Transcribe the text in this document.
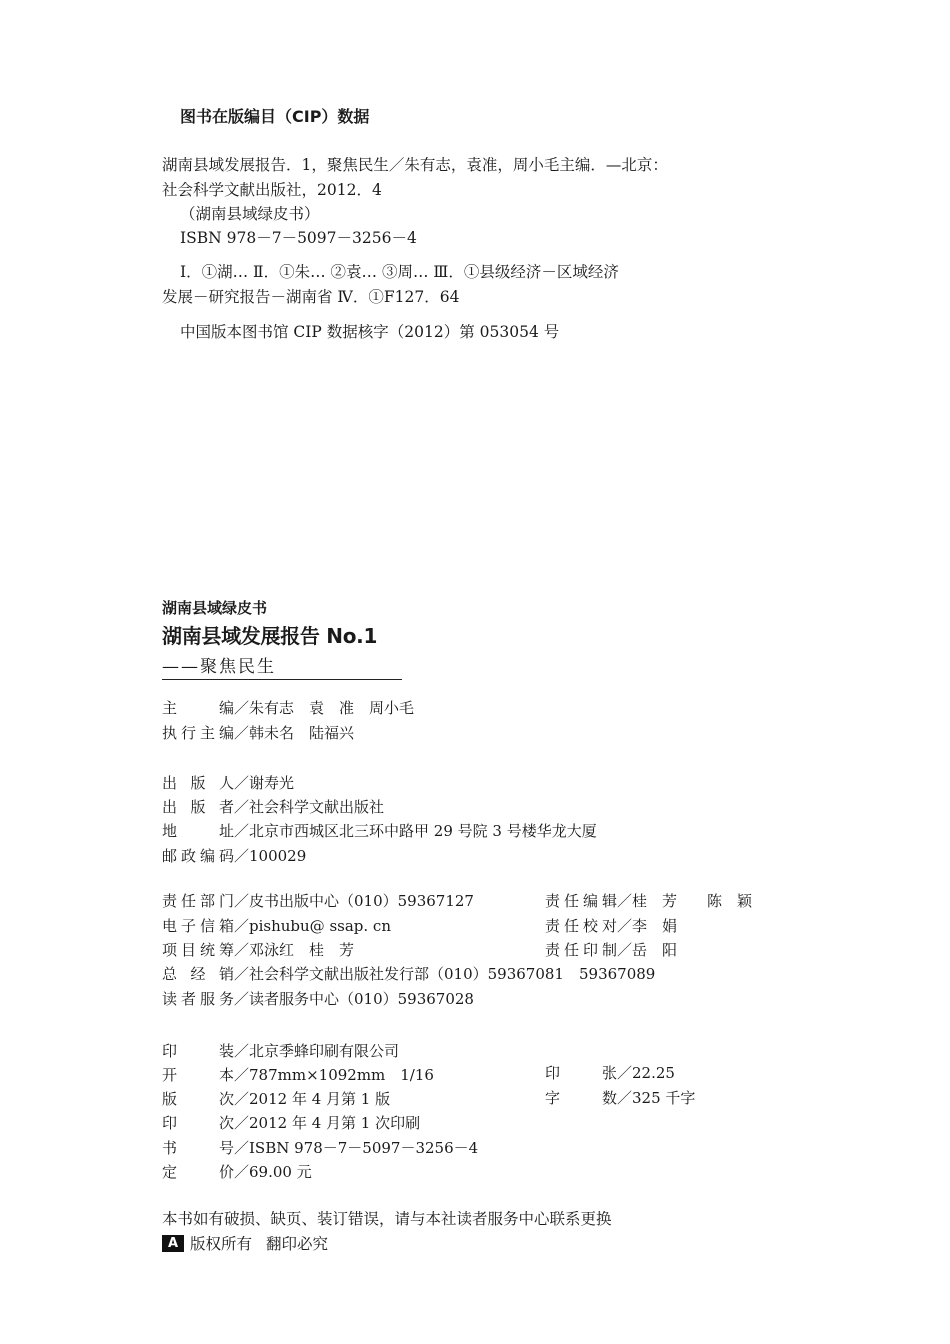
图书在版编目（CIP）数据
湖南县域发展报告．1，聚焦民生／朱有志，袁准，周小毛主编．—北京：
社会科学文献出版社，2012．4
（湖南县域绿皮书）
ISBN 978－7－5097－3256－4
Ⅰ．①湖… Ⅱ．①朱… ②袁… ③周… Ⅲ．①县级经济－区域经济
发展－研究报告－湖南省 Ⅳ．①F127．64
中国版本图书馆 CIP 数据核字（2012）第 053054 号
湖南县域绿皮书
湖南县域发展报告 No.1
——聚焦民生
主编／朱有志　袁　准　周小毛
执行主编／韩未名　陆福兴
出版人／谢寿光
出版者／社会科学文献出版社
地址／北京市西城区北三环中路甲 29 号院 3 号楼华龙大厦
邮政编码／100029
责任部门／皮书出版中心（010）59367127
电子信箱／pishubu@ ssap. cn
项目统筹／邓泳红　桂　芳
总经销／社会科学文献出版社发行部（010）59367081　59367089
读者服务／读者服务中心（010）59367028
责任编辑／桂　芳　　陈　颖
责任校对／李　娟
责任印制／岳　阳
印装／北京季蜂印刷有限公司
开本／787mm×1092mm　1/16
版次／2012 年 4 月第 1 版
印次／2012 年 4 月第 1 次印刷
书号／ISBN 978－7－5097－3256－4
定价／69.00 元
印张／22.25
字数／325 千字
本书如有破损、缺页、装订错误，请与本社读者服务中心联系更换
A 版权所有 翻印必究
